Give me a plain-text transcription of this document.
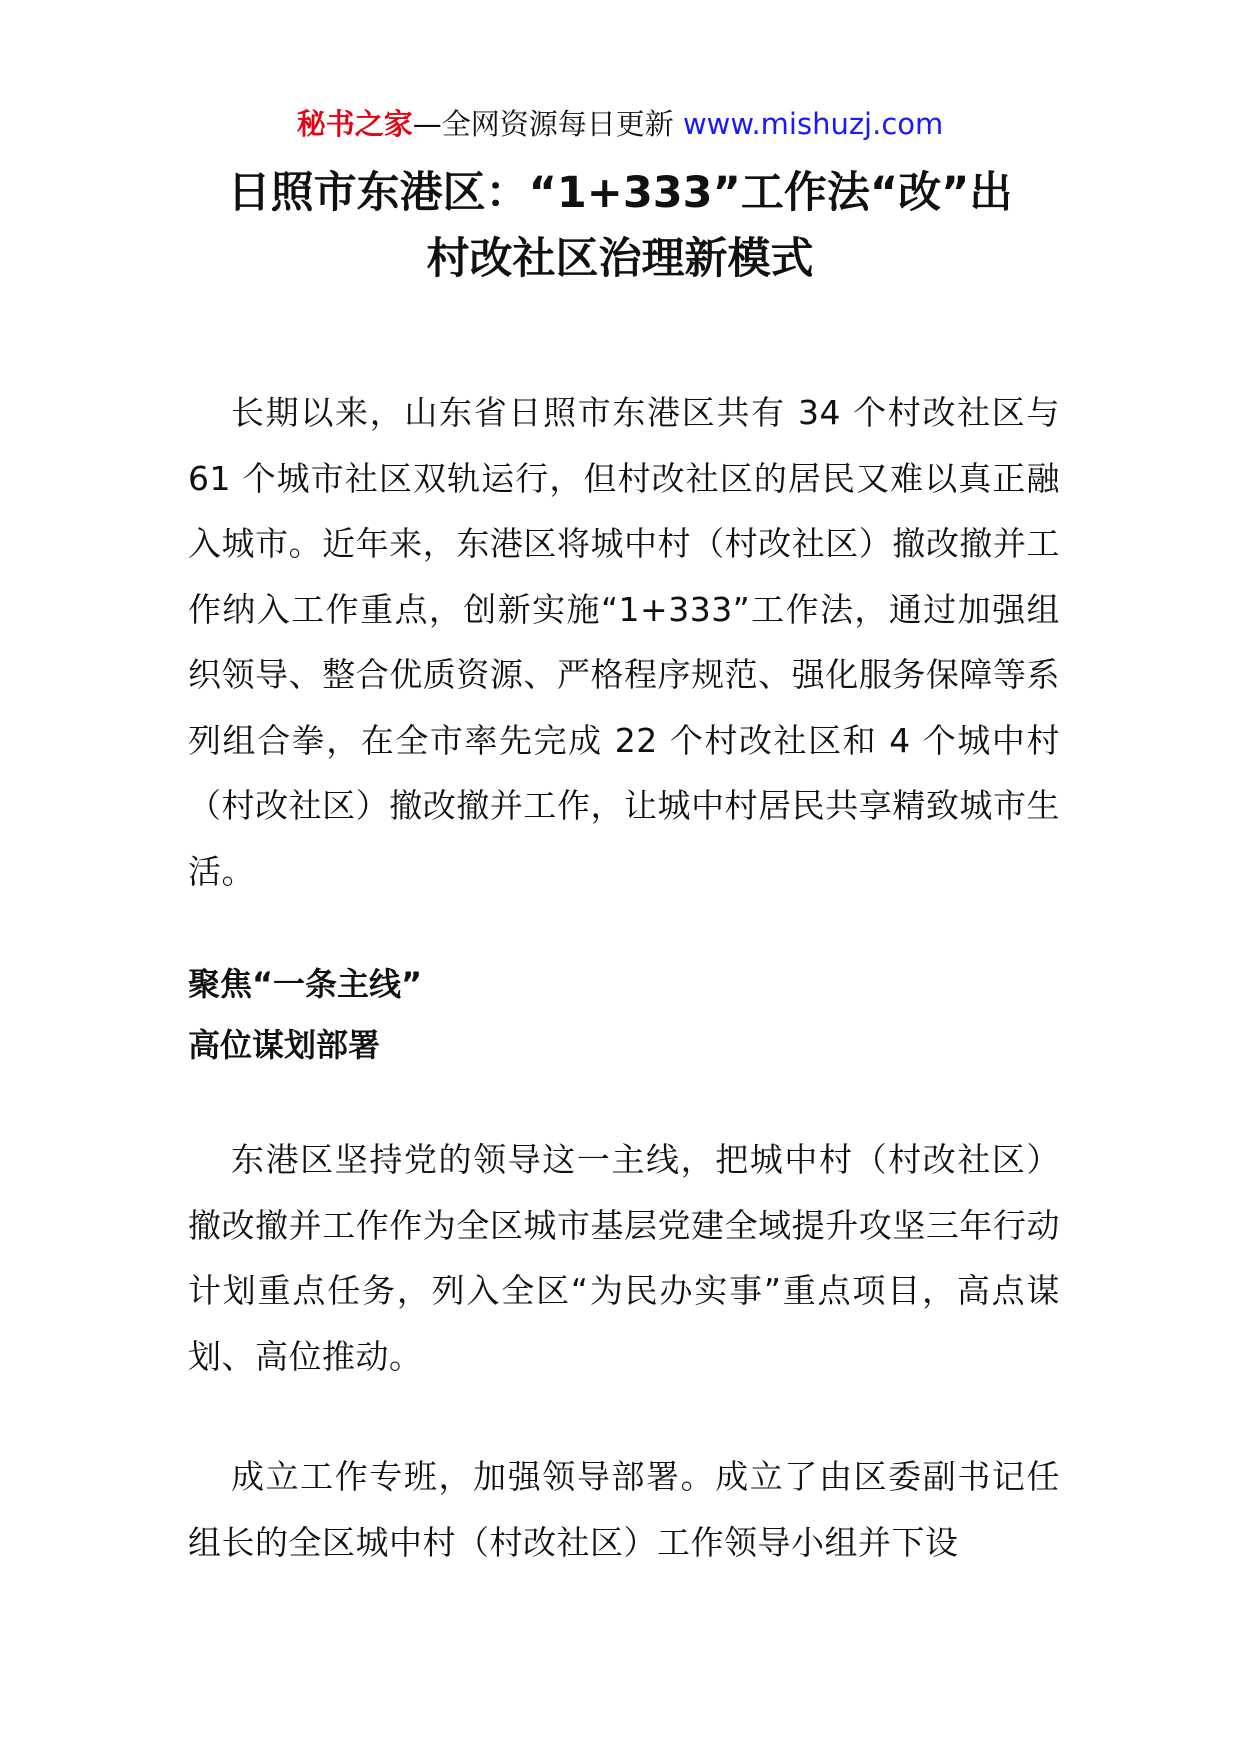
秘书之家—全网资源每日更新 www.mishuzj.com
日照市东港区：“1+333”工作法“改”出
村改社区治理新模式

长期以来，山东省日照市东港区共有 34 个村改社区与 61 个城市社区双轨运行，但村改社区的居民又难以真正融入城市。近年来，东港区将城中村（村改社区）撤改撤并工作纳入工作重点，创新实施“1+333”工作法，通过加强组织领导、整合优质资源、严格程序规范、强化服务保障等系列组合拳，在全市率先完成 22 个村改社区和 4 个城中村（村改社区）撤改撤并工作，让城中村居民共享精致城市生活。

聚焦“一条主线”

高位谋划部署

东港区坚持党的领导这一主线，把城中村（村改社区）撤改撤并工作作为全区城市基层党建全域提升攻坚三年行动计划重点任务，列入全区“为民办实事”重点项目，高点谋划、高位推动。

成立工作专班，加强领导部署。成立了由区委副书记任组长的全区城中村（村改社区）工作领导小组并下设
